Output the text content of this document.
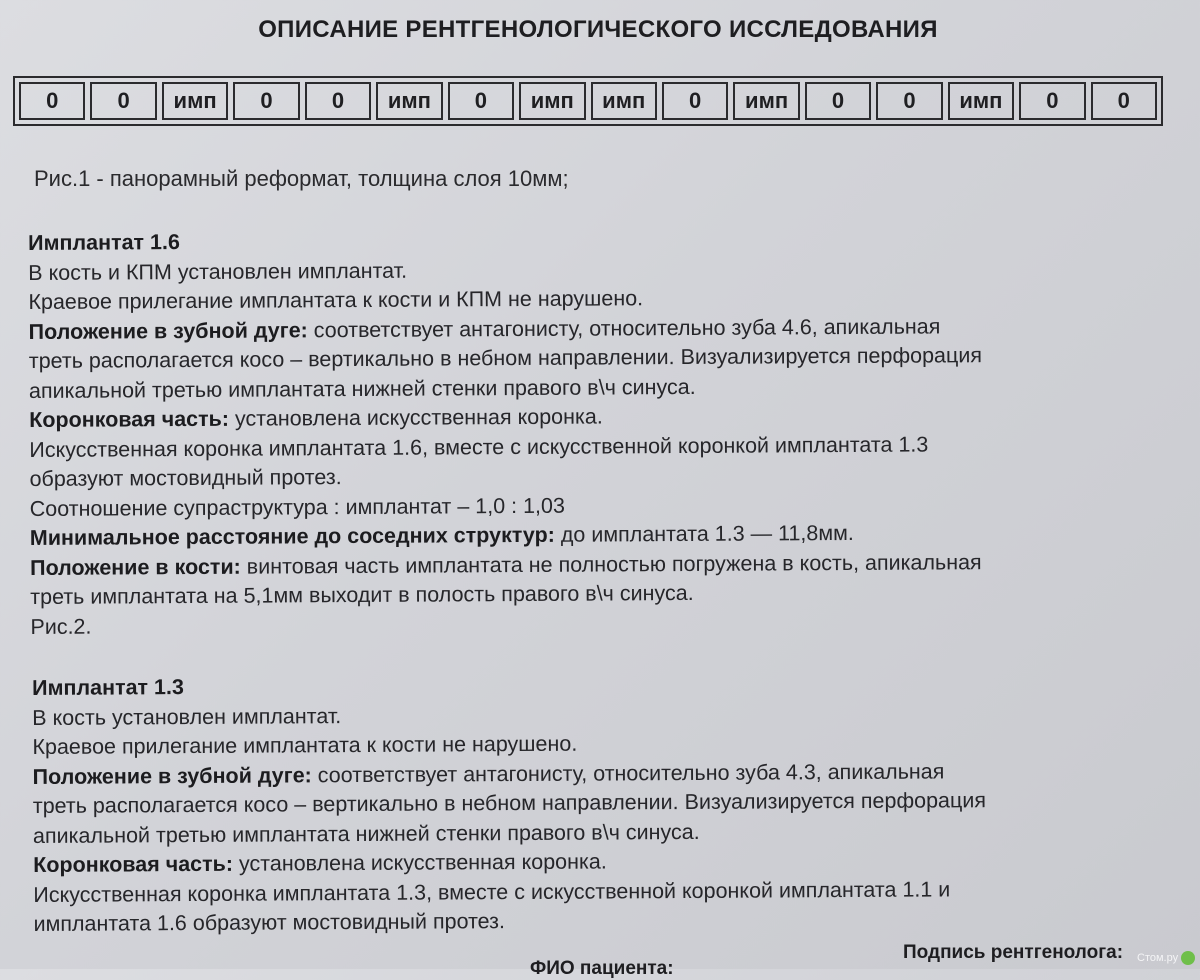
ОПИСАНИЕ РЕНТГЕНОЛОГИЧЕСКОГО ИССЛЕДОВАНИЯ
0	0	имп	0	0	имп	0	имп	имп	0	имп	0	0	имп	0	0
Рис.1 - панорамный реформат, толщина слоя 10мм;
Имплантат 1.6
В кость и КПМ установлен имплантат.
Краевое прилегание имплантата к кости и КПМ не нарушено.
Положение в зубной дуге: соответствует антагонисту, относительно зуба 4.6, апикальная
треть располагается косо – вертикально в небном направлении. Визуализируется перфорация
апикальной третью имплантата нижней стенки правого в\ч синуса.
Коронковая часть: установлена искусственная коронка.
Искусственная коронка имплантата 1.6, вместе с искусственной коронкой имплантата 1.3
образуют мостовидный протез.
Соотношение супраструктура : имплантат – 1,0 : 1,03
Минимальное расстояние до соседних структур: до имплантата 1.3 — 11,8мм.
Положение в кости: винтовая часть имплантата не полностью погружена в кость, апикальная
треть имплантата на 5,1мм выходит в полость правого в\ч синуса.
Рис.2.
Имплантат 1.3
В кость установлен имплантат.
Краевое прилегание имплантата к кости не нарушено.
Положение в зубной дуге: соответствует антагонисту, относительно зуба 4.3, апикальная
треть располагается косо – вертикально в небном направлении. Визуализируется перфорация
апикальной третью имплантата нижней стенки правого в\ч синуса.
Коронковая часть: установлена искусственная коронка.
Искусственная коронка имплантата 1.3, вместе с искусственной коронкой имплантата 1.1 и
имплантата 1.6 образуют мостовидный протез.
Подпись рентгенолога:
ФИО пациента:	Стом.ру
